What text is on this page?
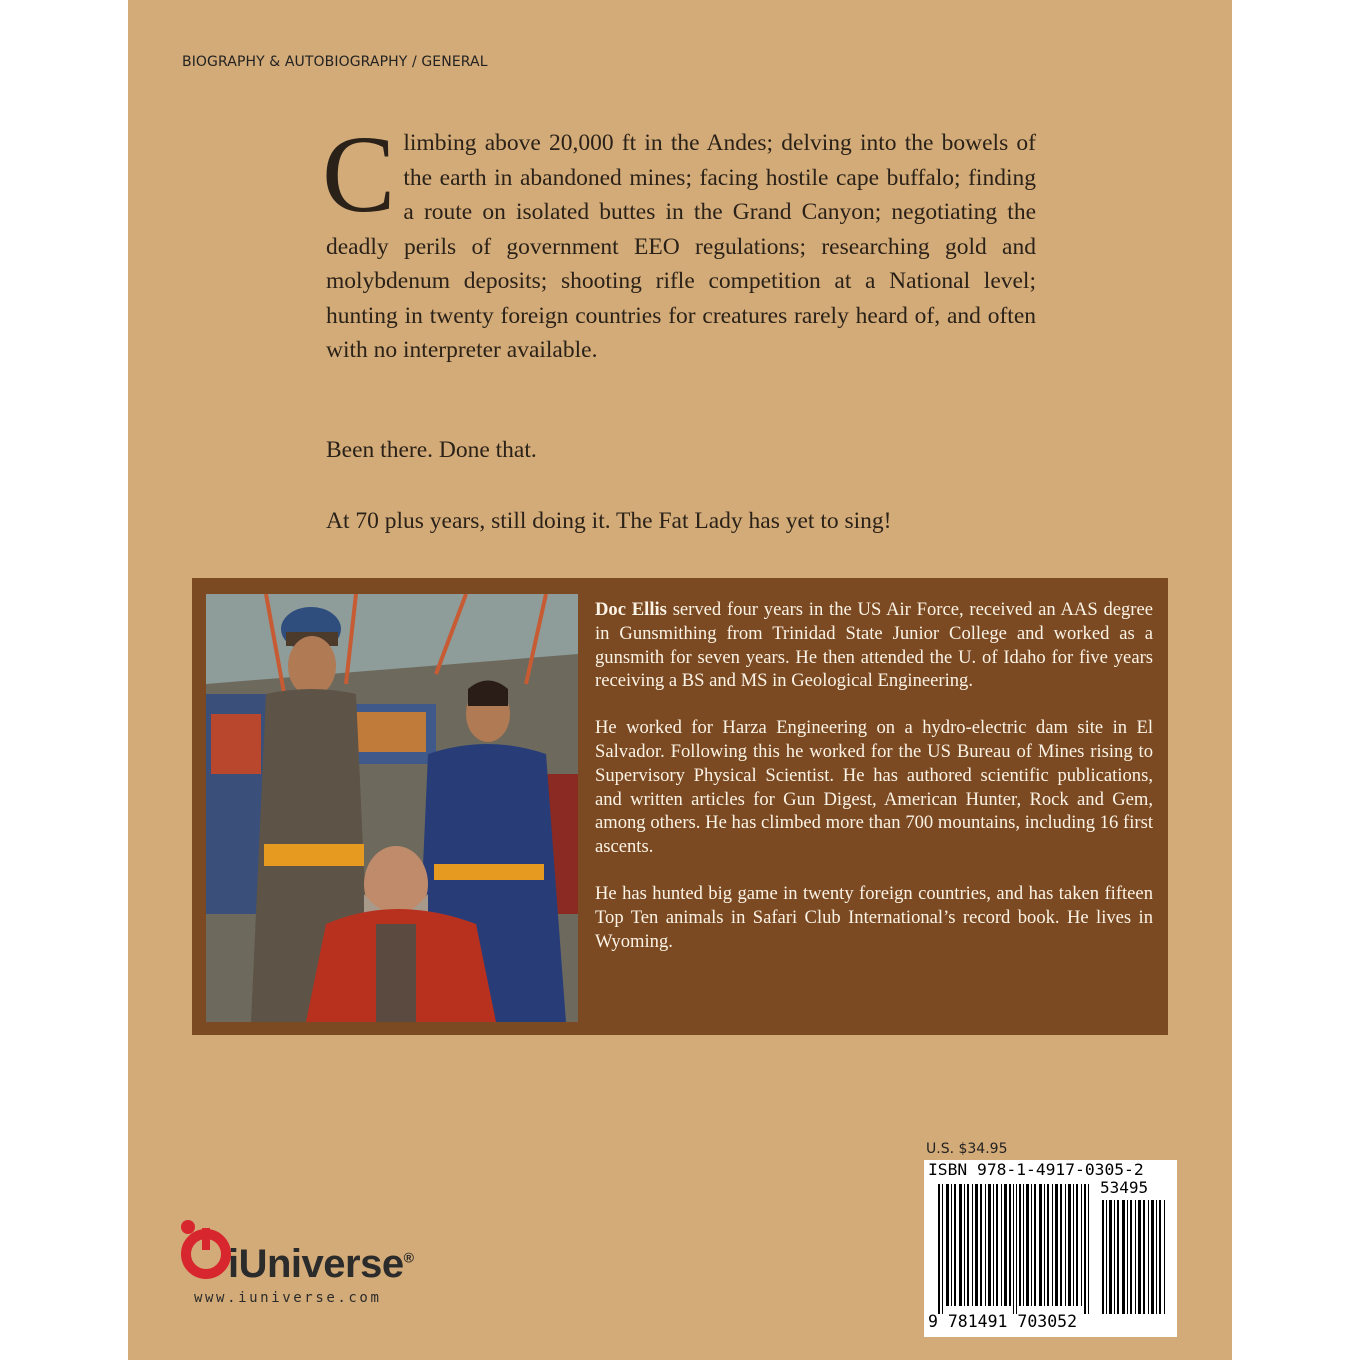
BIOGRAPHY & AUTOBIOGRAPHY / GENERAL
Climbing above 20,000 ft in the Andes; delving into the bowels of the earth in abandoned mines; facing hostile cape buffalo; finding a route on isolated buttes in the Grand Canyon; negotiating the deadly perils of government EEO regulations; researching gold and molybdenum deposits; shooting rifle competition at a National level; hunting in twenty foreign countries for creatures rarely heard of, and often with no interpreter available.
Been there. Done that.
At 70 plus years, still doing it. The Fat Lady has yet to sing!

Doc Ellis served four years in the US Air Force, received an AAS degree in Gunsmithing from Trinidad State Junior College and worked as a gunsmith for seven years. He then attended the U. of Idaho for five years receiving a BS and MS in Geological Engineering.

He worked for Harza Engineering on a hydro-electric dam site in El Salvador. Following this he worked for the US Bureau of Mines rising to Supervisory Physical Scientist. He has authored scientific publications, and written articles for Gun Digest, American Hunter, Rock and Gem, among others. He has climbed more than 700 mountains, including 16 first ascents.

He has hunted big game in twenty foreign countries, and has taken fifteen Top Ten animals in Safari Club International’s record book. He lives in Wyoming.

iUniverse®
www.iuniverse.com
U.S. $34.95
ISBN 978-1-4917-0305-2
53495
9 781491 703052
